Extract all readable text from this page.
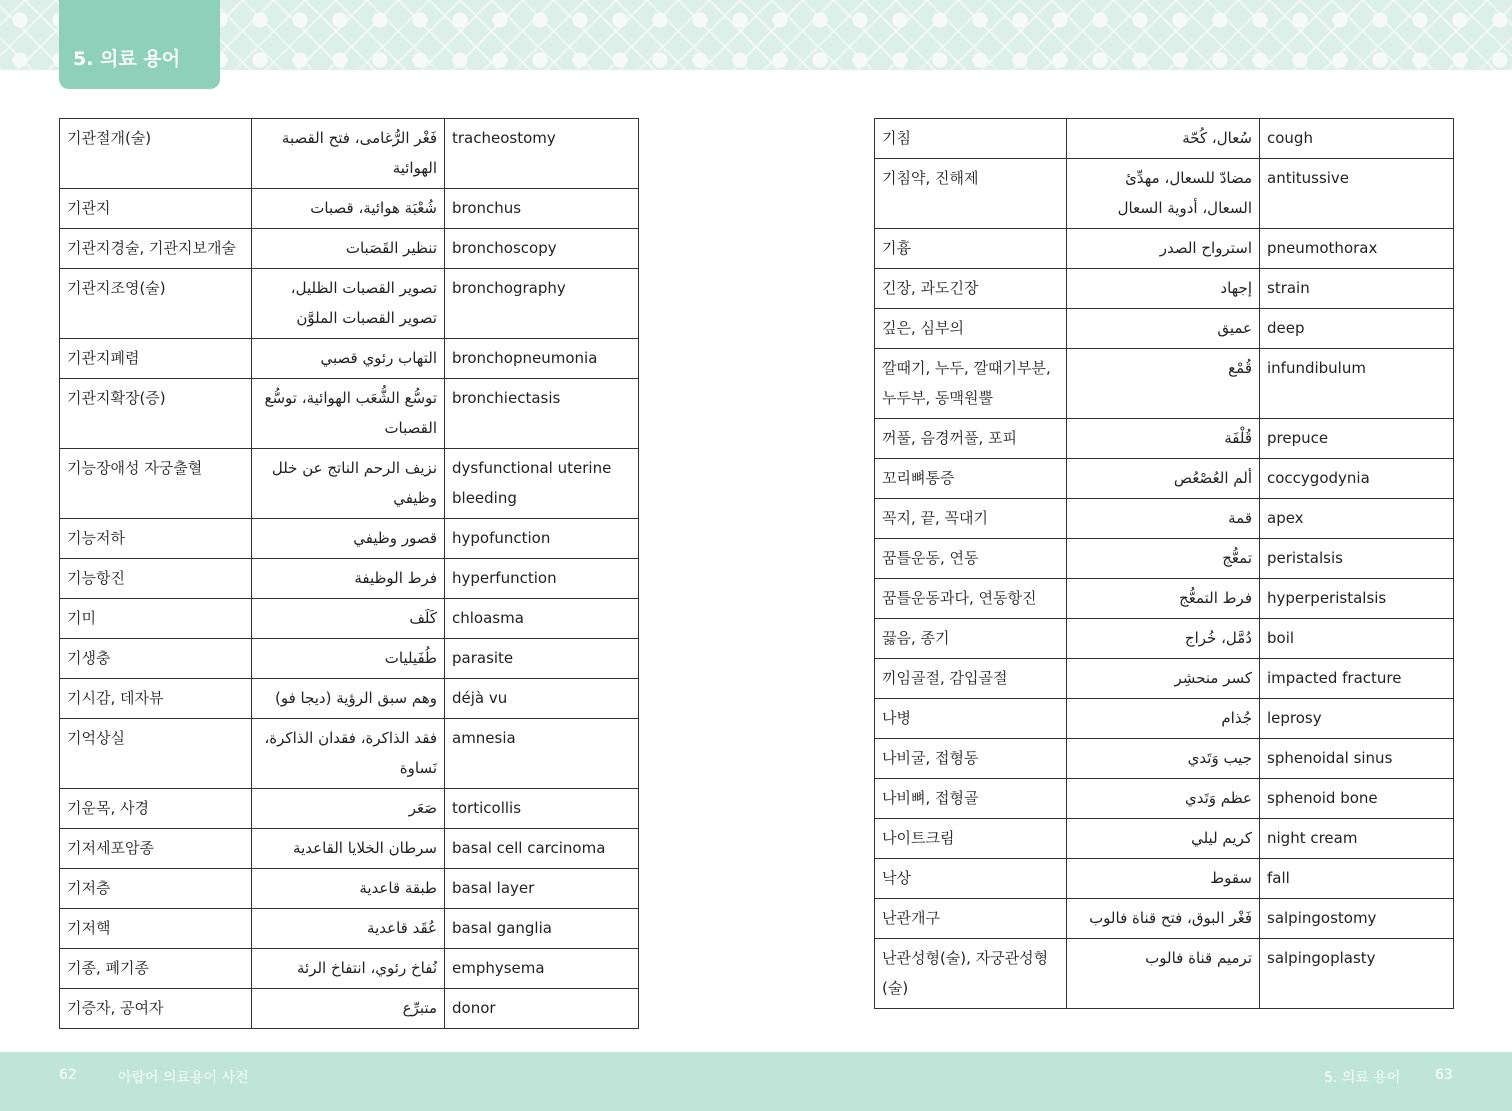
5. 의료 용어
기관절개(술)	فَغْر الرُّغامى، فتح القصبة الهوائية	tracheostomy
기관지	شُعْبَة هوائية، قصبات	bronchus
기관지경술, 기관지보개술	تنظير القَصَبات	bronchoscopy
기관지조영(술)	تصوير القصبات الظليل، تصوير القصبات الملوَّن	bronchography
기관지폐렴	التهاب رئوي قصبي	bronchopneumonia
기관지확장(증)	توسُّع الشُّعَب الهوائية، توسُّع القصبات	bronchiectasis
기능장애성 자궁출혈	نزيف الرحم الناتج عن خلل وظيفي	dysfunctional uterine bleeding
기능저하	قصور وظيفي	hypofunction
기능항진	فرط الوظيفة	hyperfunction
기미	كَلَف	chloasma
기생충	طُفَيليات	parasite
기시감, 데자뷰	وهم سبق الرؤية (ديجا فو)	déjà vu
기억상실	فقد الذاكرة، فقدان الذاكرة، نَساوة	amnesia
기운목, 사경	صَعَر	torticollis
기저세포암종	سرطان الخلايا القاعدية	basal cell carcinoma
기저층	طبقة قاعدية	basal layer
기저핵	عُقَد قاعدية	basal ganglia
기종, 폐기종	نُفاخ رئوي، انتفاخ الرئة	emphysema
기증자, 공여자	متبرِّع	donor
기침	سُعال، كُحّة	cough
기침약, 진해제	مضادّ للسعال، مهدِّئ السعال، أدوية السعال	antitussive
기흉	استرواح الصدر	pneumothorax
긴장, 과도긴장	إجهاد	strain
깊은, 심부의	عميق	deep
깔때기, 누두, 깔때기부분, 누두부, 동맥원뿔	قُمْع	infundibulum
꺼풀, 음경꺼풀, 포피	قُلْفَة	prepuce
꼬리뼈통증	ألم العُصْعُص	coccygodynia
꼭지, 끝, 꼭대기	قمة	apex
꿈틀운동, 연동	تمعُّج	peristalsis
꿈틀운동과다, 연동항진	فرط التمعُّج	hyperperistalsis
끓음, 종기	دُمَّل، خُراج	boil
끼임골절, 감입골절	كسر منحشِر	impacted fracture
나병	جُذام	leprosy
나비굴, 접형동	جيب وَتَدي	sphenoidal sinus
나비뼈, 접형골	عظم وَتَدي	sphenoid bone
나이트크림	كريم ليلي	night cream
낙상	سقوط	fall
난관개구	فَغْر البوق، فتح قناة فالوب	salpingostomy
난관성형(술), 자궁관성형(술)	ترميم قناة فالوب	salpingoplasty
62	아랍어 의료용어 사전	5. 의료 용어 63
